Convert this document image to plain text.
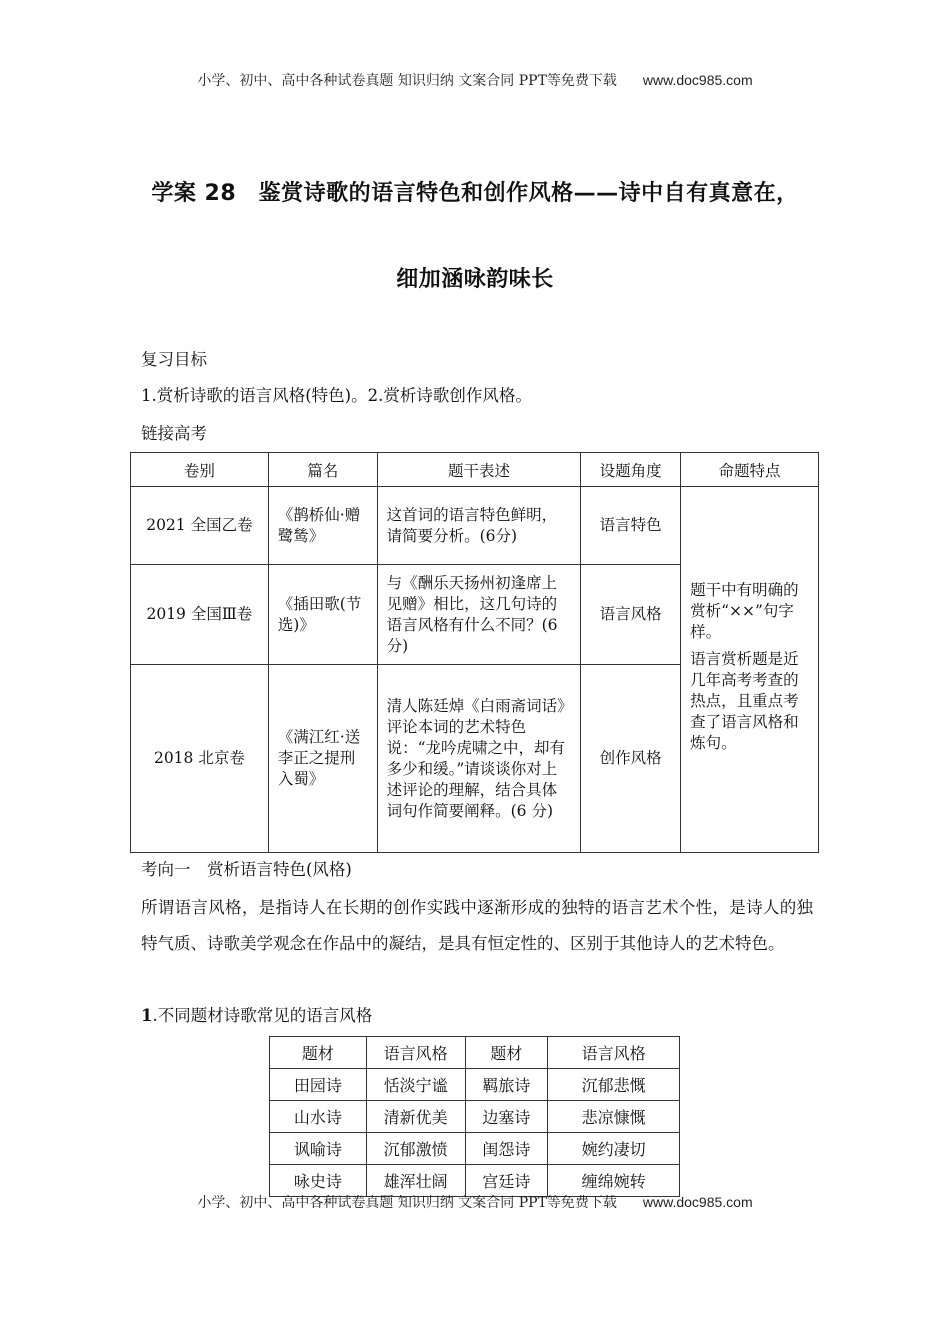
小学、初中、高中各种试卷真题 知识归纳 文案合同 PPT等免费下载 www.doc985.com
学案 28　鉴赏诗歌的语言特色和创作风格——诗中自有真意在，
细加涵咏韵味长
复习目标
1.赏析诗歌的语言风格(特色)。2.赏析诗歌创作风格。
链接高考
卷别	篇名	题干表述	设题角度	命题特点
2021 全国乙卷	《鹊桥仙·赠鹭鸶》	这首词的语言特色鲜明，请简要分析。(6分)	语言特色	题干中有明确的赏析“××”句字样。

语言赏析题是近几年高考考查的热点，且重点考查了语言风格和炼句。

2019 全国Ⅲ卷	《插田歌(节选)》	与《酬乐天扬州初逢席上见赠》相比，这几句诗的语言风格有什么不同？(6 分)	语言风格	
2018 北京卷	《满江红·送李正之提刑入蜀》	清人陈廷焯《白雨斋词话》评论本词的艺术特色说：“龙吟虎啸之中，却有多少和缓。”请谈谈你对上述评论的理解，结合具体词句作简要阐释。(6 分)	创作风格	
考向一　赏析语言特色(风格)

所谓语言风格，是指诗人在长期的创作实践中逐渐形成的独特的语言艺术个性，是诗人的独特气质、诗歌美学观念在作品中的凝结，是具有恒定性的、区别于其他诗人的艺术特色。

1.不同题材诗歌常见的语言风格
题材	语言风格	题材	语言风格
田园诗	恬淡宁谧	羁旅诗	沉郁悲慨
山水诗	清新优美	边塞诗	悲凉慷慨
讽喻诗	沉郁激愤	闺怨诗	婉约凄切
咏史诗	雄浑壮阔	宫廷诗	缠绵婉转
小学、初中、高中各种试卷真题 知识归纳 文案合同 PPT等免费下载 www.doc985.com
